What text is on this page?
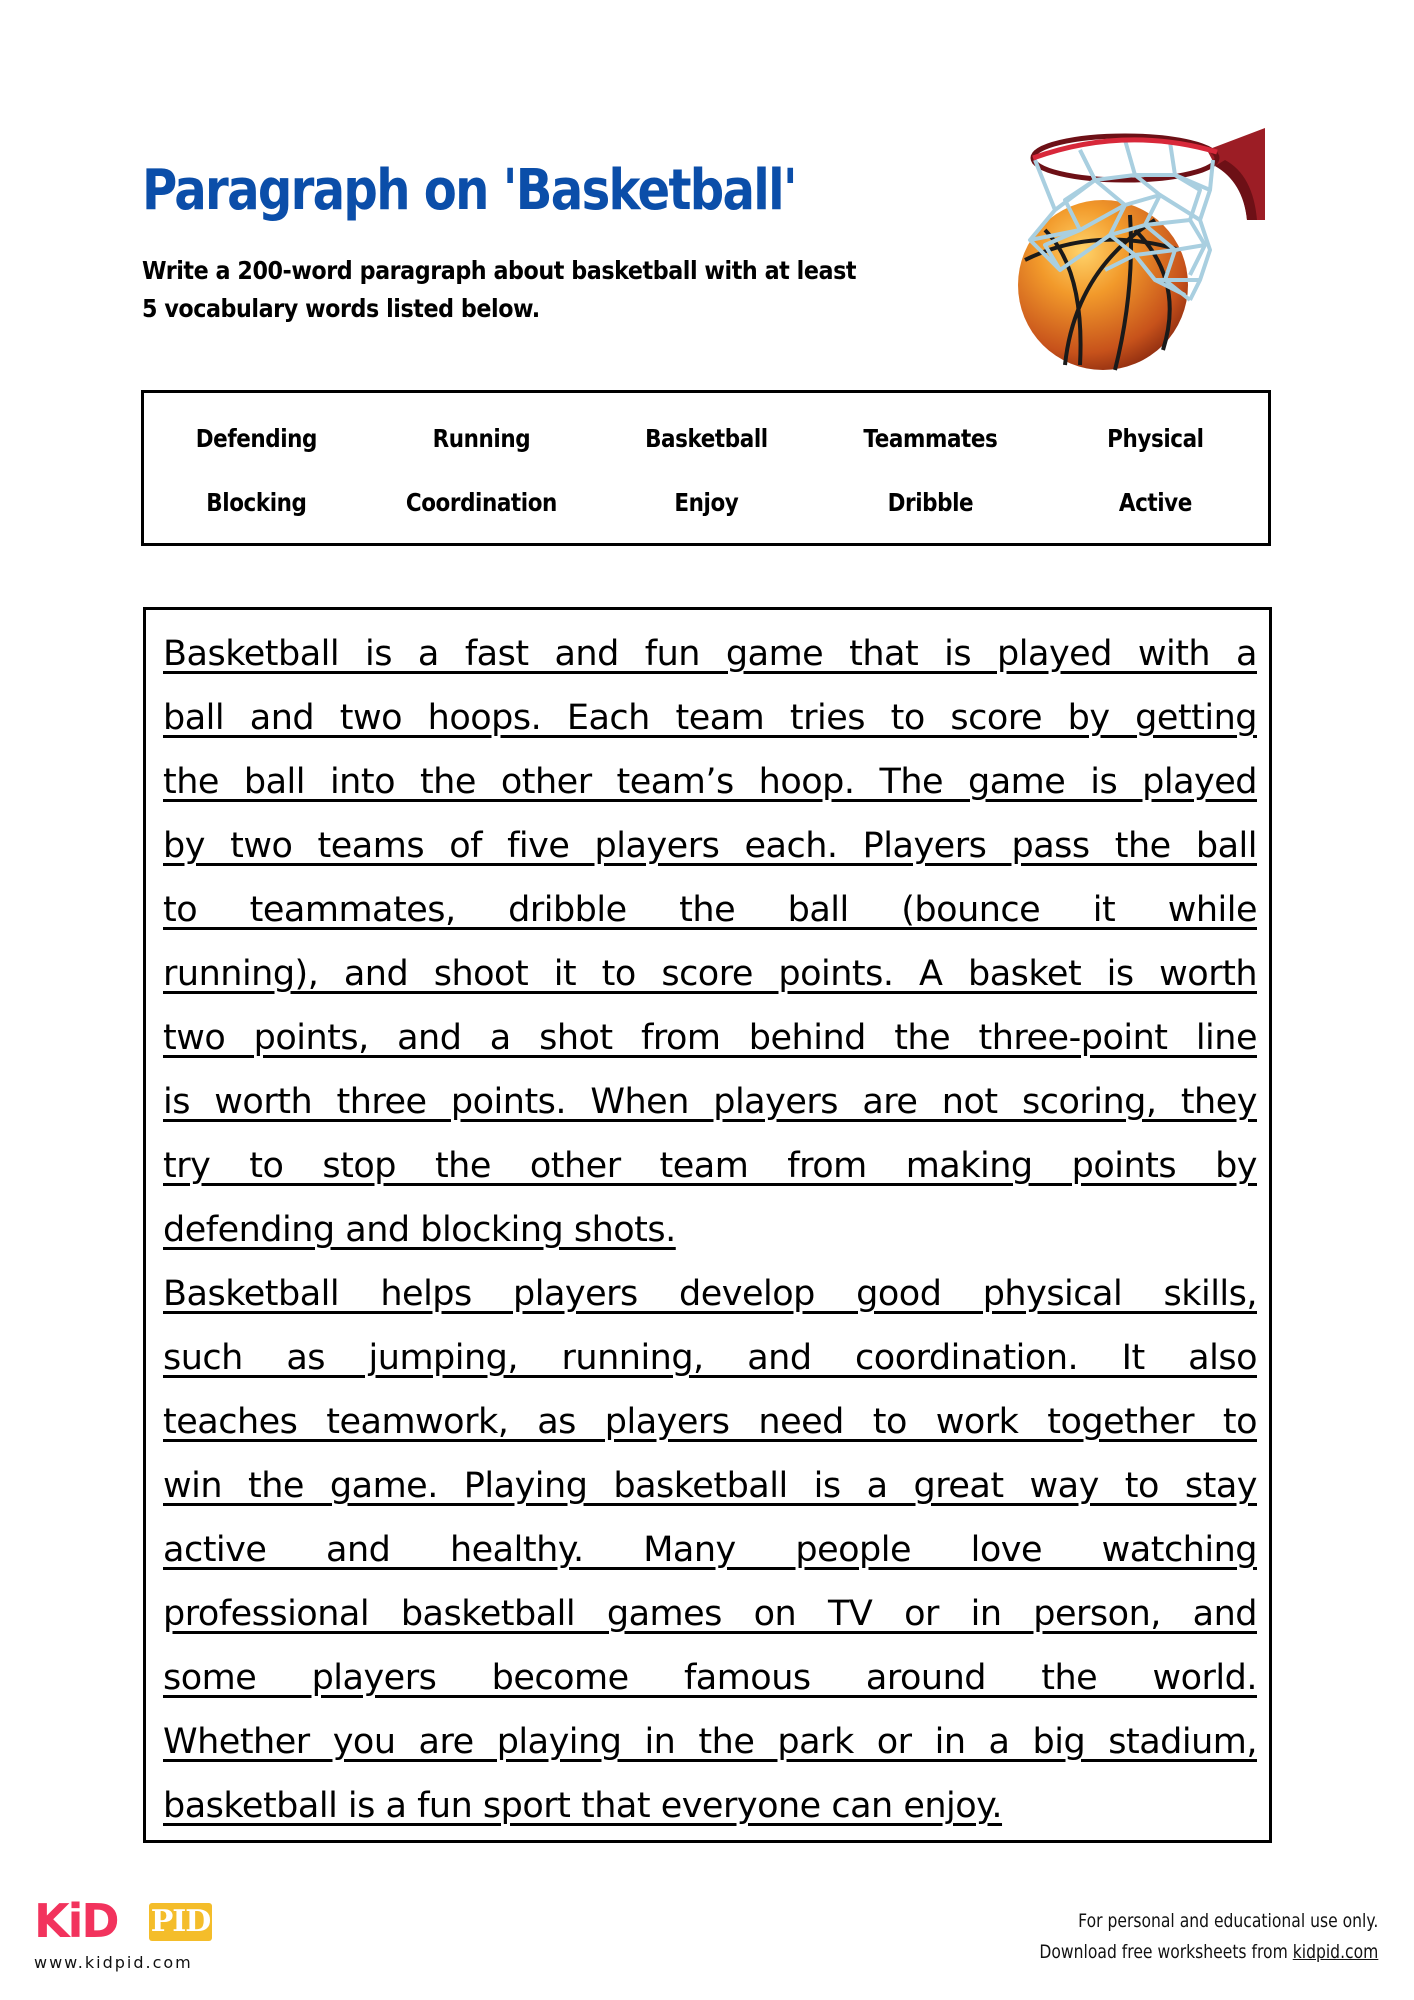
Paragraph on 'Basketball'
Write a 200-word paragraph about basketball with at least
5 vocabulary words listed below.
Defending	Running	Basketball	Teammates	Physical
Blocking	Coordination	Enjoy	Dribble	Active
Basketball is a fast and fun game that is played with a
ball and two hoops. Each team tries to score by getting
the ball into the other team’s hoop. The game is played
by two teams of five players each. Players pass the ball
to teammates, dribble the ball (bounce it while
running), and shoot it to score points. A basket is worth
two points, and a shot from behind the three-point line
is worth three points. When players are not scoring, they
try to stop the other team from making points by
defending and blocking shots.
Basketball helps players develop good physical skills,
such as jumping, running, and coordination. It also
teaches teamwork, as players need to work together to
win the game. Playing basketball is a great way to stay
active and healthy. Many people love watching
professional basketball games on TV or in person, and
some players become famous around the world.
Whether you are playing in the park or in a big stadium,
basketball is a fun sport that everyone can enjoy.
KiD PID
www.kidpid.com
For personal and educational use only.
Download free worksheets from kidpid.com
